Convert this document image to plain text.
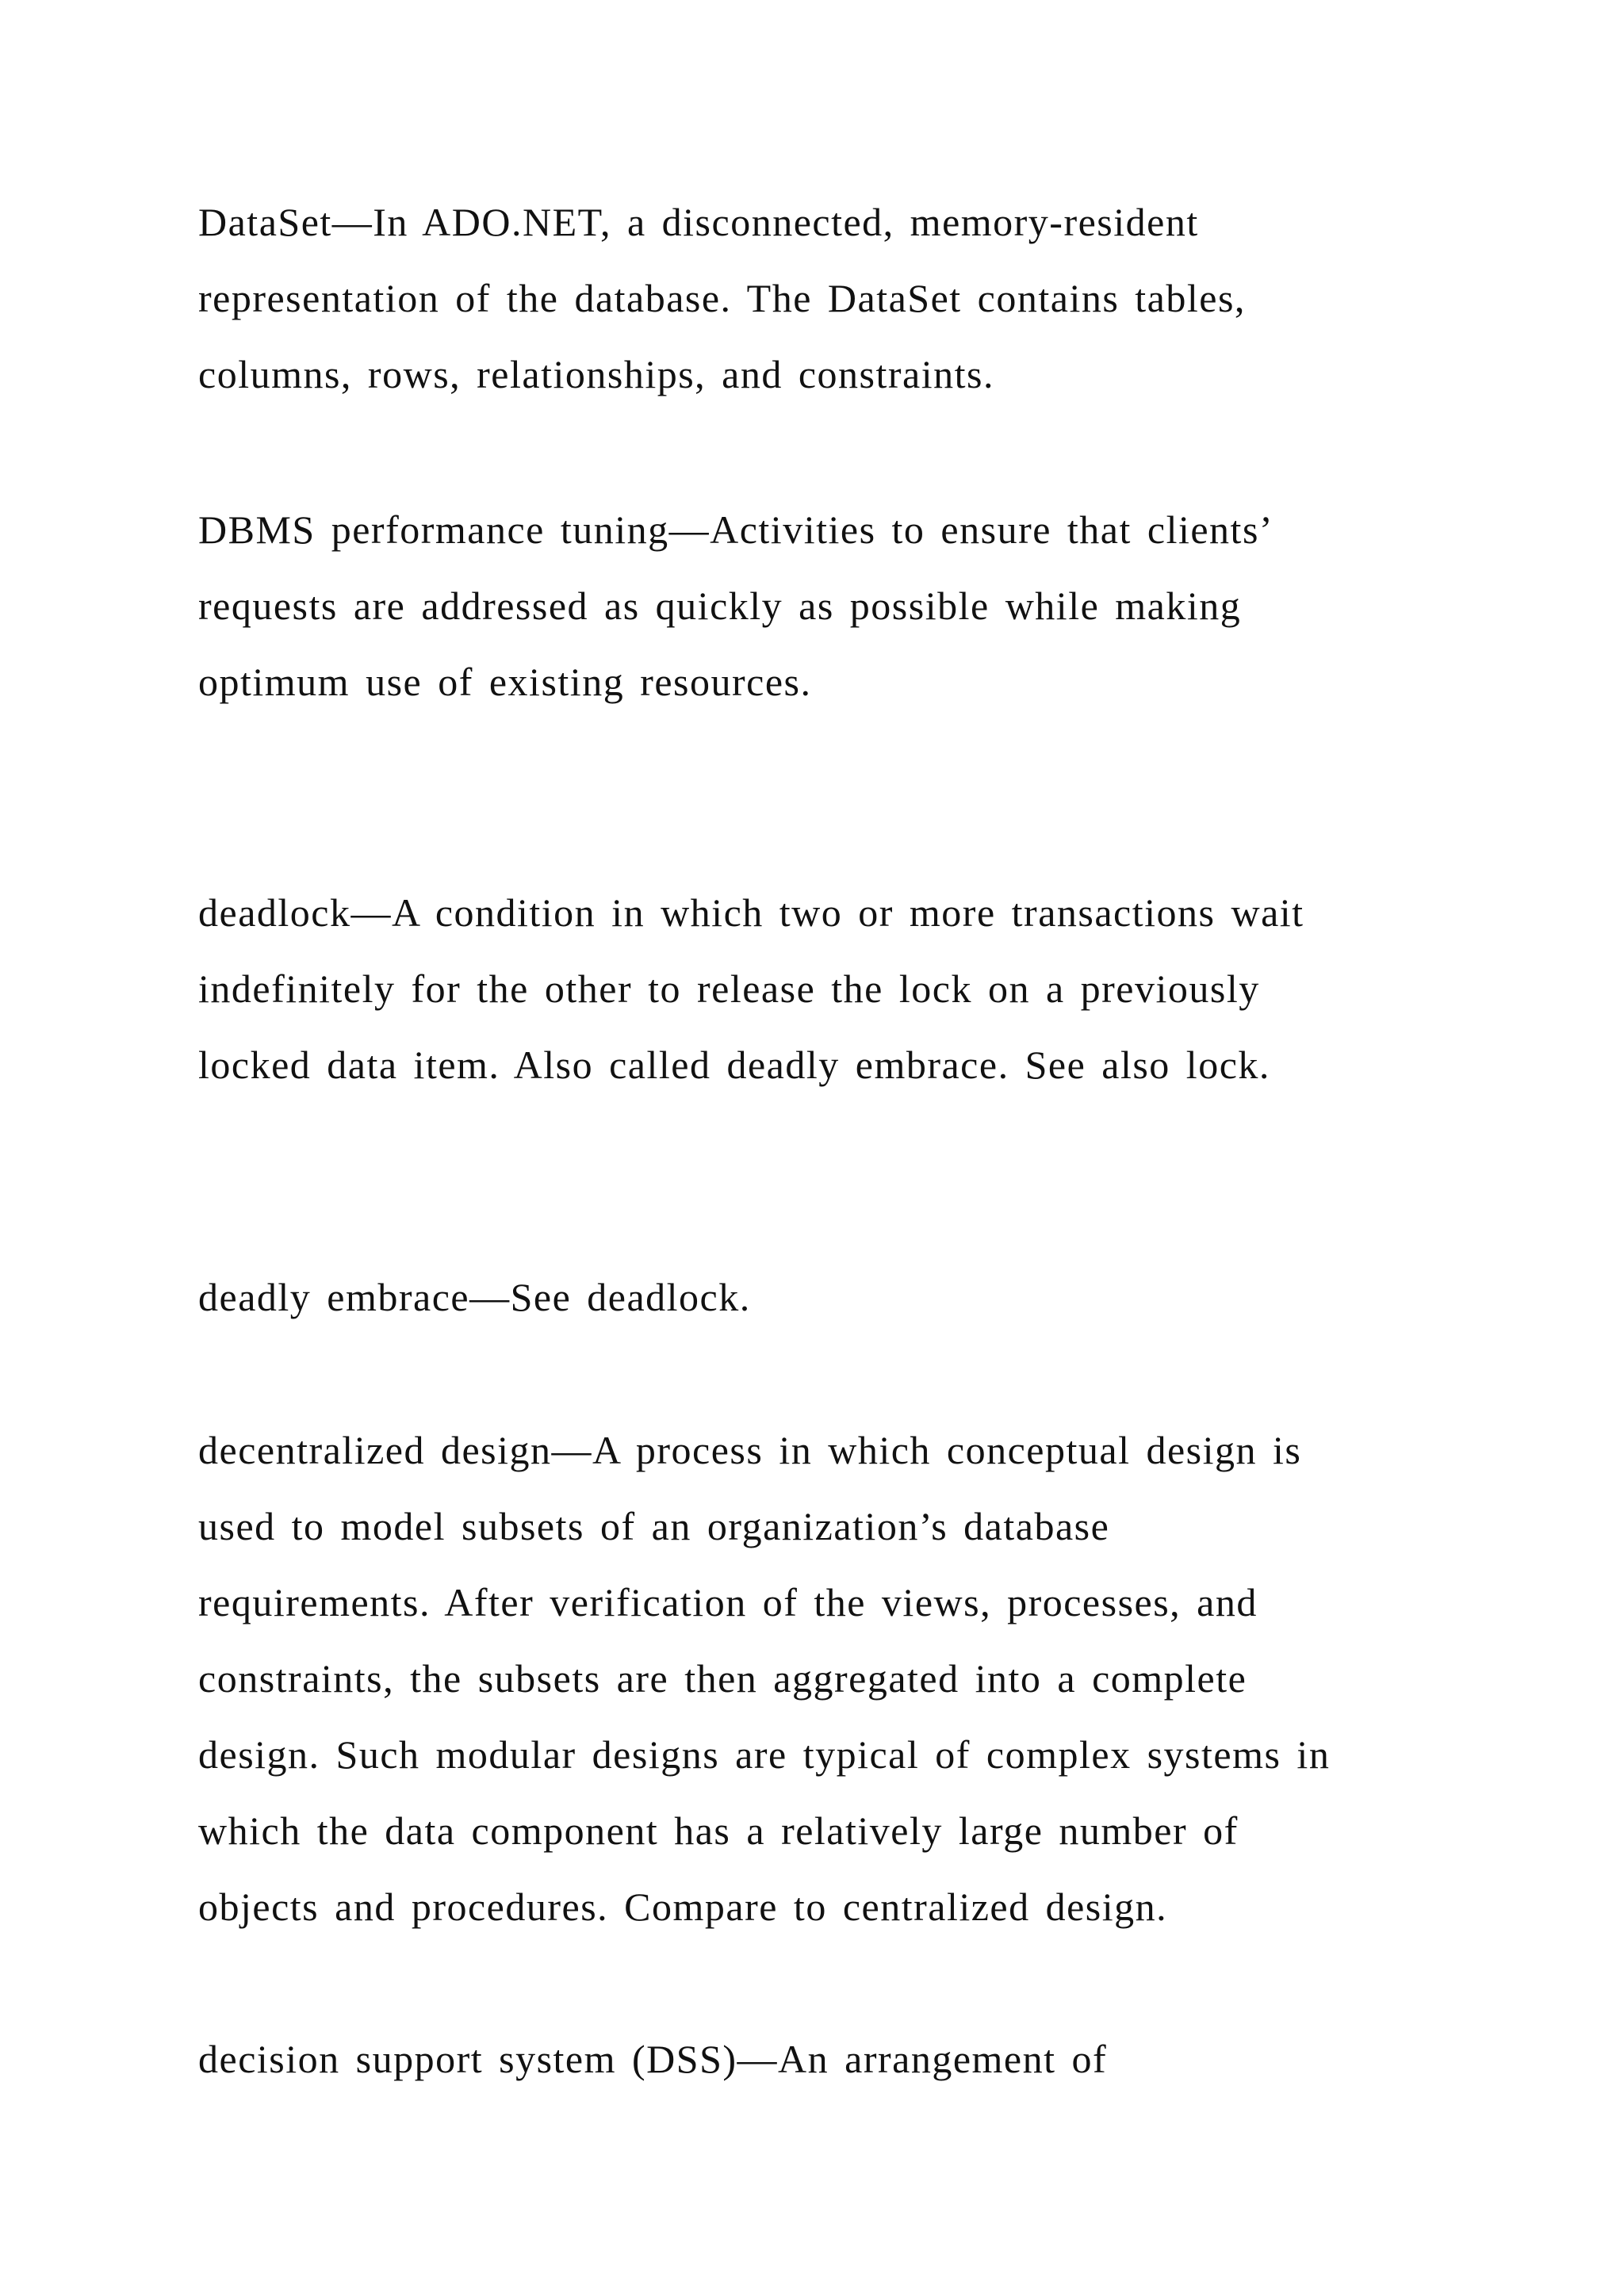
DataSet—In ADO.NET, a disconnected, memory-resident
representation of the database. The DataSet contains tables,
columns, rows, relationships, and constraints.
DBMS performance tuning—Activities to ensure that clients’
requests are addressed as quickly as possible while making
optimum use of existing resources.
deadlock—A condition in which two or more transactions wait
indefinitely for the other to release the lock on a previously
locked data item. Also called deadly embrace. See also lock.
deadly embrace—See deadlock.
decentralized design—A process in which conceptual design is
used to model subsets of an organization’s database
requirements. After verification of the views, processes, and
constraints, the subsets are then aggregated into a complete
design. Such modular designs are typical of complex systems in
which the data component has a relatively large number of
objects and procedures. Compare to centralized design.
decision support system (DSS)—An arrangement of
